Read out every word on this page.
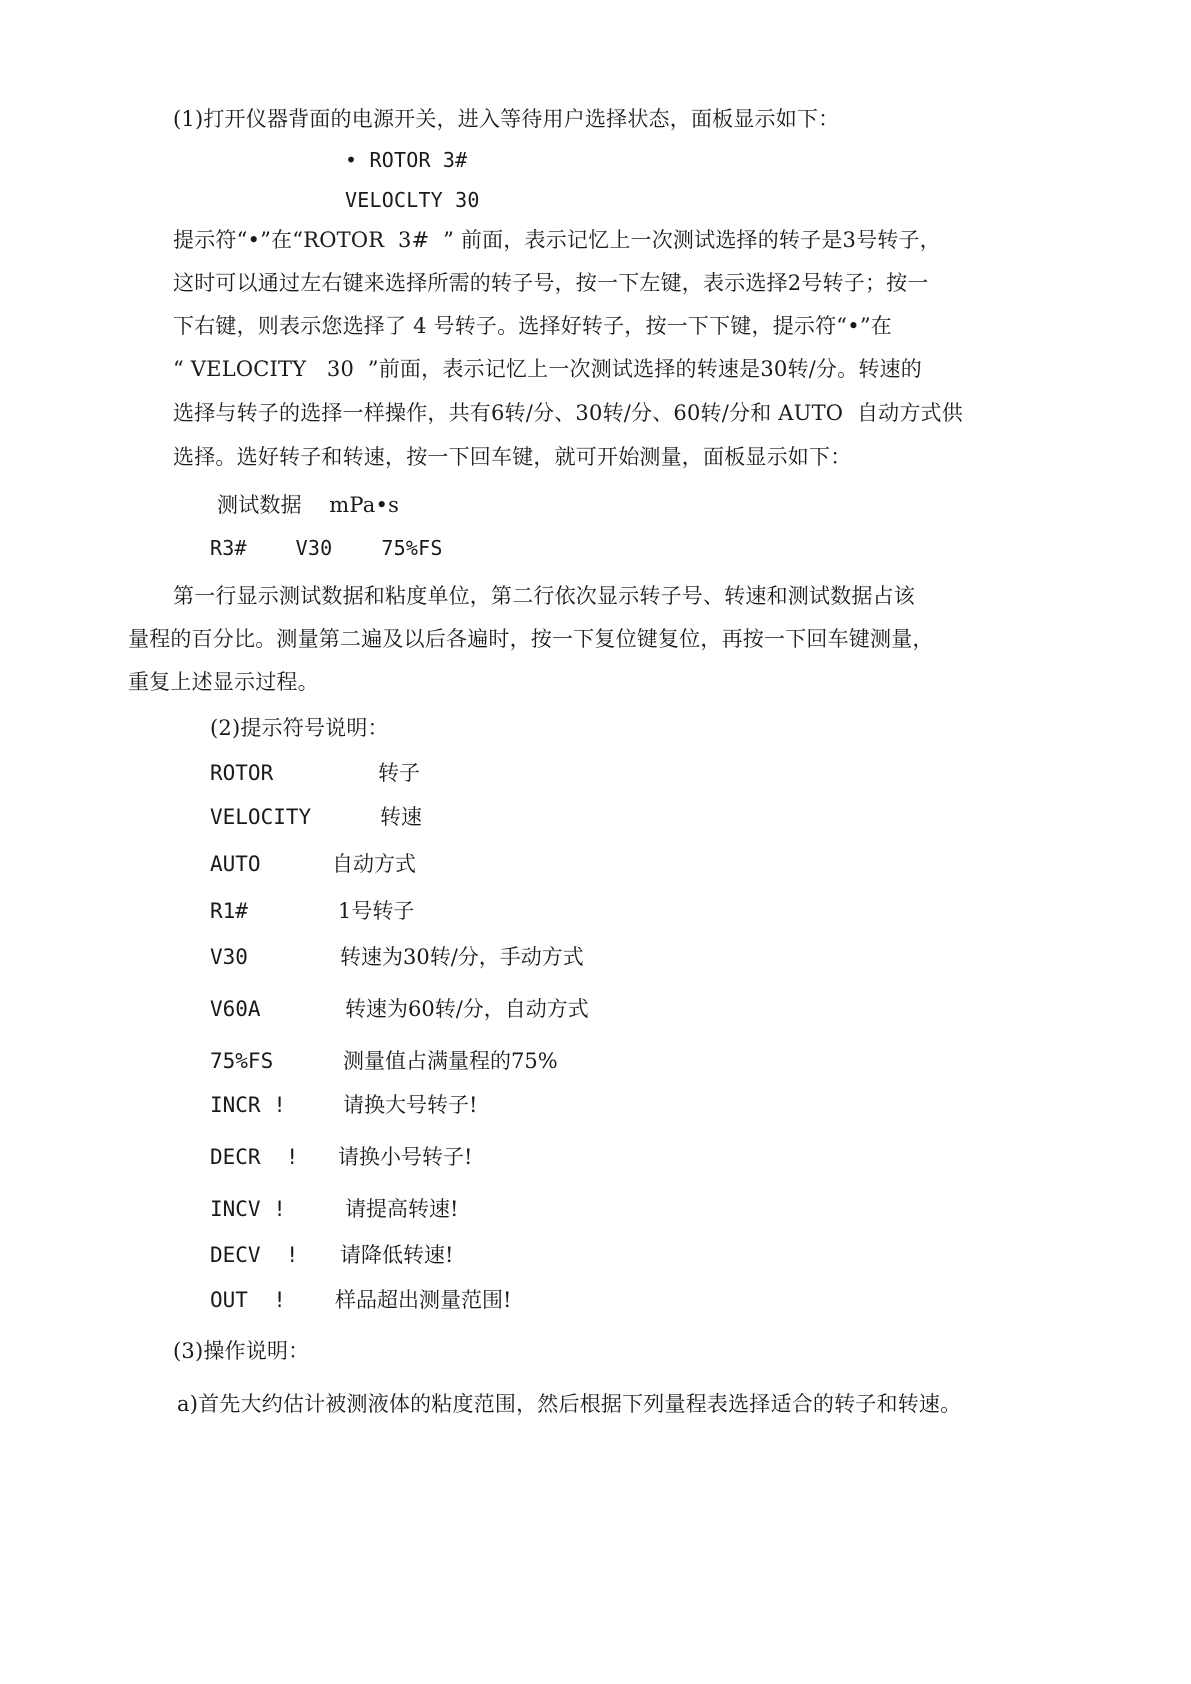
(1)打开仪器背面的电源开关，进入等待用户选择状态，面板显示如下：
• ROTOR 3#
VELOCLTY 30
提示符“•”在“ROTOR  3#  ” 前面，表示记忆上一次测试选择的转子是3号转子，
这时可以通过左右键来选择所需的转子号，按一下左键，表示选择2号转子；按一
下右键，则表示您选择了 4 号转子。选择好转子，按一下下键，提示符“•”在
“ VELOCITY   30  ”前面，表示记忆上一次测试选择的转速是30转/分。转速的
选择与转子的选择一样操作，共有6转/分、30转/分、60转/分和 AUTO  自动方式供
选择。选好转子和转速，按一下回车键，就可开始测量，面板显示如下：
测试数据    mPa•s
R3#    V30    75%FS
第一行显示测试数据和粘度单位，第二行依次显示转子号、转速和测试数据占该
量程的百分比。测量第二遍及以后各遍时，按一下复位键复位，再按一下回车键测量，
重复上述显示过程。
(2)提示符号说明：
ROTOR	转子
VELOCITY	转速
AUTO	自动方式
R1#	1号转子
V30	转速为30转/分，手动方式
V60A	转速为60转/分，自动方式
75%FS	测量值占满量程的75%
INCR !	请换大号转子!
DECR  ! 请换小号转子!
INCV !	请提高转速!
DECV  ! 请降低转速!
OUT  ! 样品超出测量范围!
(3)操作说明：
a)首先大约估计被测液体的粘度范围，然后根据下列量程表选择适合的转子和转速。
